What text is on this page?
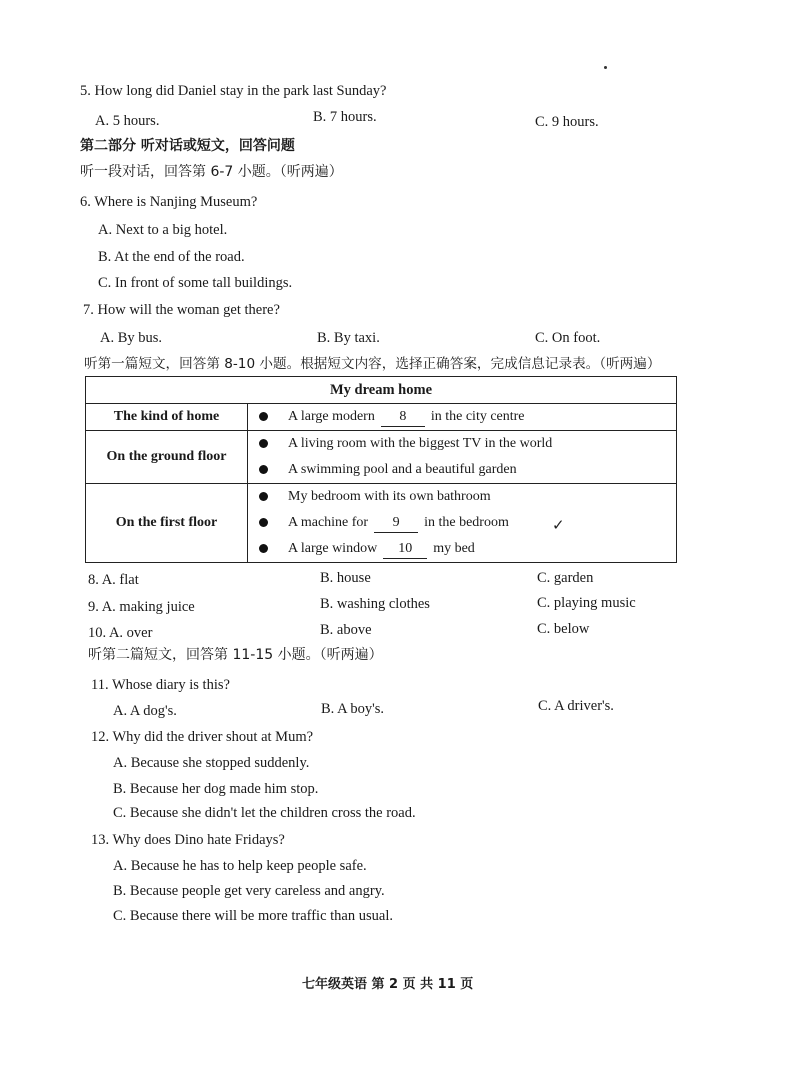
5. How long did Daniel stay in the park last Sunday?
A. 5 hours.	B. 7 hours.	C. 9 hours.
第二部分 听对话或短文，回答问题
听一段对话，回答第 6-7 小题。（听两遍）
6. Where is Nanjing Museum?
A. Next to a big hotel.
B. At the end of the road.
C. In front of some tall buildings.
7. How will the woman get there?
A. By bus.	B. By taxi.	C. On foot.
听第一篇短文，回答第 8-10 小题。根据短文内容，选择正确答案，完成信息记录表。（听两遍）
My dream home	
The kind of home	A large modern 8 in the city centre

On the ground floor	A living room with the biggest TV in the world
A swimming pool and a beautiful garden

On the first floor	My bedroom with its own bathroom
A machine for 9 in the bedroom ✓
A large window 10 my bed
8. A. flat	B. house	C. garden
9. A. making juice	B. washing clothes	C. playing music
10. A. over	B. above	C. below
听第二篇短文，回答第 11-15 小题。（听两遍）
11. Whose diary is this?
A. A dog's.	B. A boy's.	C. A driver's.
12. Why did the driver shout at Mum?
A. Because she stopped suddenly.
B. Because her dog made him stop.
C. Because she didn't let the children cross the road.
13. Why does Dino hate Fridays?
A. Because he has to help keep people safe.
B. Because people get very careless and angry.
C. Because there will be more traffic than usual.
七年级英语 第 2 页 共 11 页
